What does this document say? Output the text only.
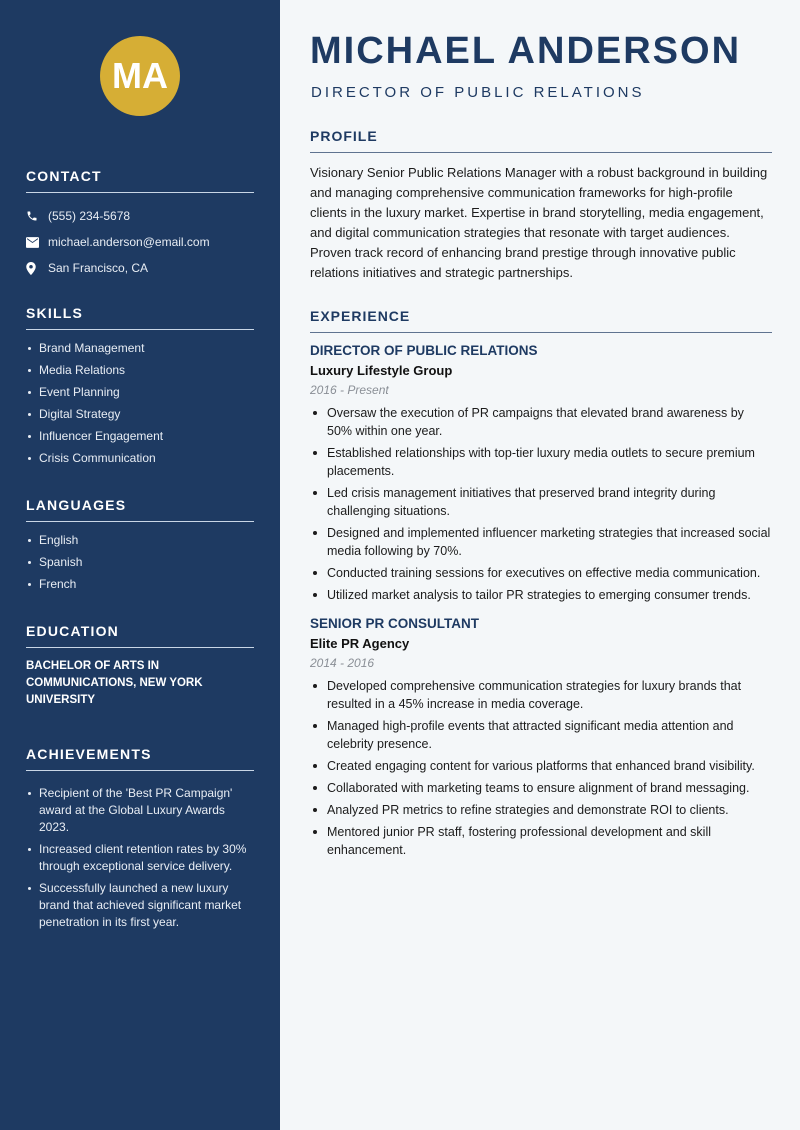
MA
CONTACT
(555) 234-5678
michael.anderson@email.com
San Francisco, CA
SKILLS
Brand Management
Media Relations
Event Planning
Digital Strategy
Influencer Engagement
Crisis Communication
LANGUAGES
English
Spanish
French
EDUCATION
BACHELOR OF ARTS IN COMMUNICATIONS, NEW YORK UNIVERSITY
ACHIEVEMENTS
Recipient of the 'Best PR Campaign' award at the Global Luxury Awards 2023.
Increased client retention rates by 30% through exceptional service delivery.
Successfully launched a new luxury brand that achieved significant market penetration in its first year.
MICHAEL ANDERSON
DIRECTOR OF PUBLIC RELATIONS
PROFILE

Visionary Senior Public Relations Manager with a robust background in building and managing comprehensive communication frameworks for high-profile clients in the luxury market. Expertise in brand storytelling, media engagement, and digital communication strategies that resonate with target audiences. Proven track record of enhancing brand prestige through innovative public relations initiatives and strategic partnerships.

EXPERIENCE
DIRECTOR OF PUBLIC RELATIONS
Luxury Lifestyle Group
2016 - Present
Oversaw the execution of PR campaigns that elevated brand awareness by 50% within one year.
Established relationships with top-tier luxury media outlets to secure premium placements.
Led crisis management initiatives that preserved brand integrity during challenging situations.
Designed and implemented influencer marketing strategies that increased social media following by 70%.
Conducted training sessions for executives on effective media communication.
Utilized market analysis to tailor PR strategies to emerging consumer trends.
SENIOR PR CONSULTANT
Elite PR Agency
2014 - 2016
Developed comprehensive communication strategies for luxury brands that resulted in a 45% increase in media coverage.
Managed high-profile events that attracted significant media attention and celebrity presence.
Created engaging content for various platforms that enhanced brand visibility.
Collaborated with marketing teams to ensure alignment of brand messaging.
Analyzed PR metrics to refine strategies and demonstrate ROI to clients.
Mentored junior PR staff, fostering professional development and skill enhancement.
